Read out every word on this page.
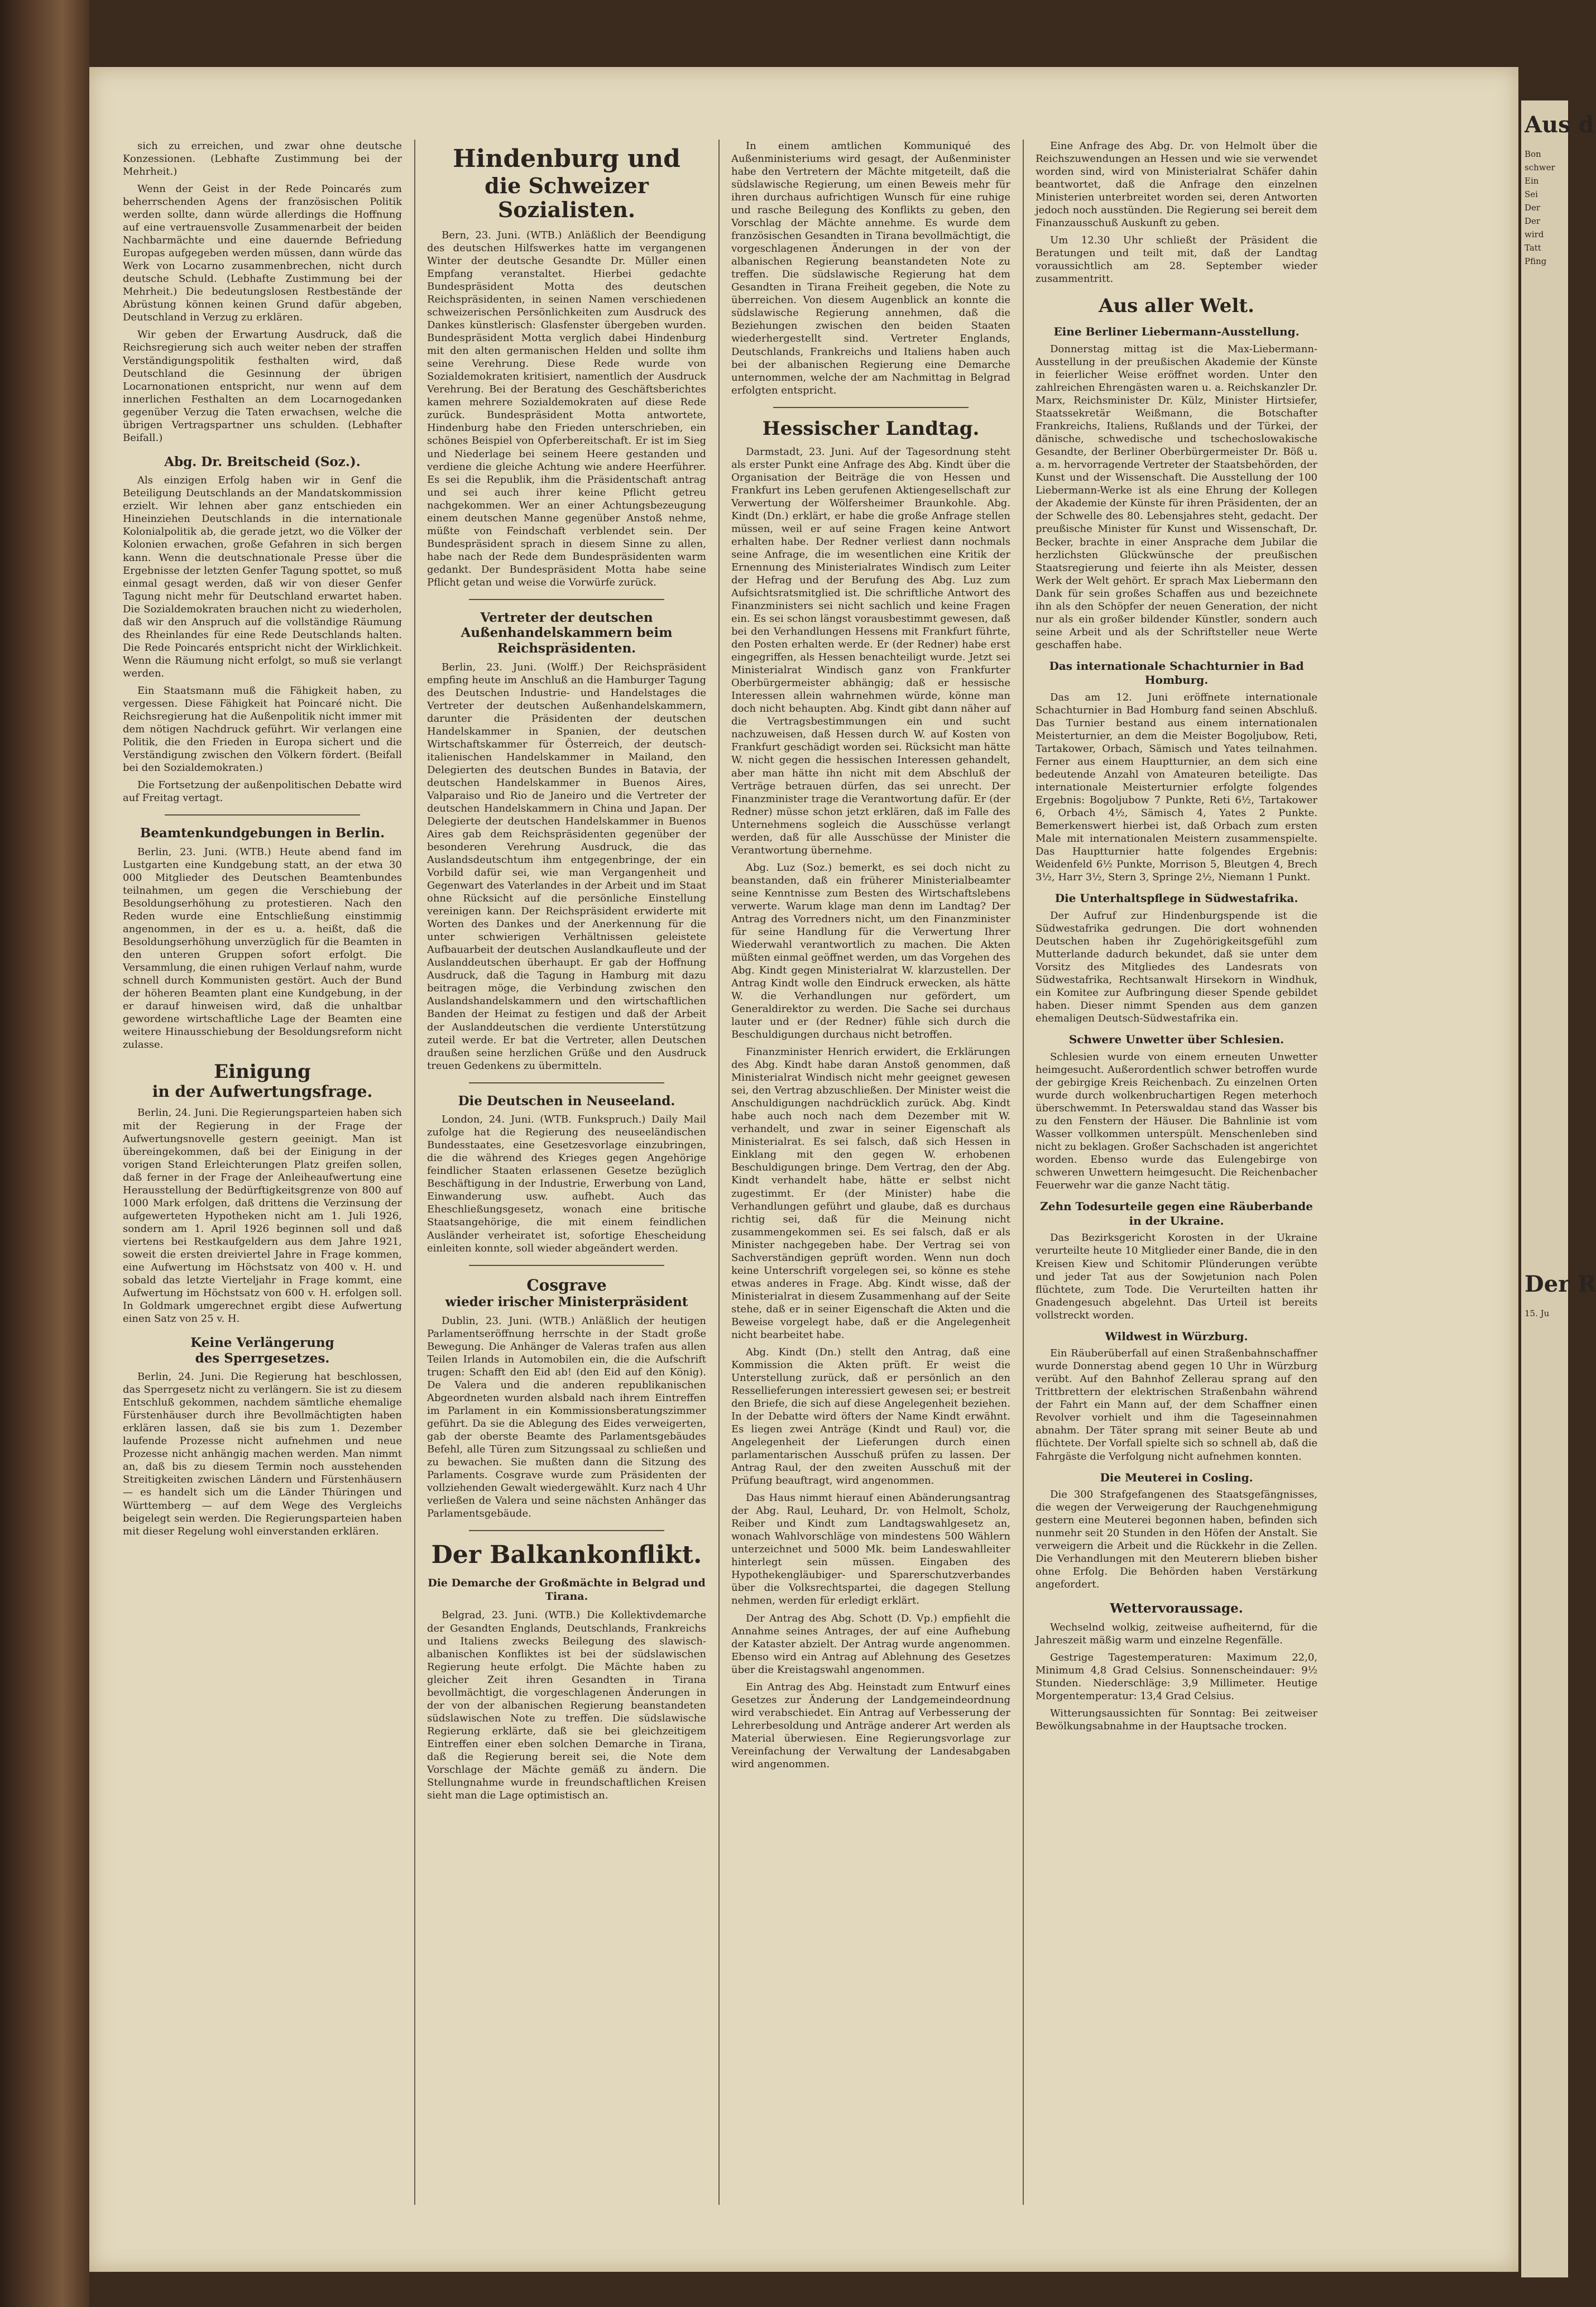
sich zu erreichen, und zwar ohne deutsche Konzessionen. (Lebhafte Zustimmung bei der Mehrheit.)

Wenn der Geist in der Rede Poincarés zum beherrschenden Agens der französischen Politik werden sollte, dann würde allerdings die Hoffnung auf eine vertrauensvolle Zusammenarbeit der beiden Nachbarmächte und eine dauernde Befriedung Europas aufgegeben werden müssen, dann würde das Werk von Locarno zusammenbrechen, nicht durch deutsche Schuld. (Lebhafte Zustimmung bei der Mehrheit.) Die bedeutungslosen Restbestände der Abrüstung können keinen Grund dafür abgeben, Deutschland in Verzug zu erklären.

Wir geben der Erwartung Ausdruck, daß die Reichsregierung sich auch weiter neben der straffen Verständigungspolitik festhalten wird, daß Deutschland die Gesinnung der übrigen Locarnonationen entspricht, nur wenn auf dem innerlichen Festhalten an dem Locarnogedanken gegenüber Verzug die Taten erwachsen, welche die übrigen Vertragspartner uns schulden. (Lebhafter Beifall.)

Abg. Dr. Breitscheid (Soz.).

Als einzigen Erfolg haben wir in Genf die Beteiligung Deutschlands an der Mandatskommission erzielt. Wir lehnen aber ganz entschieden ein Hineinziehen Deutschlands in die internationale Kolonialpolitik ab, die gerade jetzt, wo die Völker der Kolonien erwachen, große Gefahren in sich bergen kann. Wenn die deutschnationale Presse über die Ergebnisse der letzten Genfer Tagung spottet, so muß einmal gesagt werden, daß wir von dieser Genfer Tagung nicht mehr für Deutschland erwartet haben. Die Sozialdemokraten brauchen nicht zu wiederholen, daß wir den Anspruch auf die vollständige Räumung des Rheinlandes für eine Rede Deutschlands halten. Die Rede Poincarés entspricht nicht der Wirklichkeit. Wenn die Räumung nicht erfolgt, so muß sie verlangt werden.

Ein Staatsmann muß die Fähigkeit haben, zu vergessen. Diese Fähigkeit hat Poincaré nicht. Die Reichsregierung hat die Außenpolitik nicht immer mit dem nötigen Nachdruck geführt. Wir verlangen eine Politik, die den Frieden in Europa sichert und die Verständigung zwischen den Völkern fördert. (Beifall bei den Sozialdemokraten.)

Die Fortsetzung der außenpolitischen Debatte wird auf Freitag vertagt.

Beamtenkundgebungen in Berlin.

Berlin, 23. Juni. (WTB.) Heute abend fand im Lustgarten eine Kundgebung statt, an der etwa 30 000 Mitglieder des Deutschen Beamtenbundes teilnahmen, um gegen die Verschiebung der Besoldungserhöhung zu protestieren. Nach den Reden wurde eine Entschließung einstimmig angenommen, in der es u. a. heißt, daß die Besoldungserhöhung unverzüglich für die Beamten in den unteren Gruppen sofort erfolgt. Die Versammlung, die einen ruhigen Verlauf nahm, wurde schnell durch Kommunisten gestört. Auch der Bund der höheren Beamten plant eine Kundgebung, in der er darauf hinweisen wird, daß die unhaltbar gewordene wirtschaftliche Lage der Beamten eine weitere Hinausschiebung der Besoldungsreform nicht zulasse.

Einigung
in der Aufwertungsfrage.

Berlin, 24. Juni. Die Regierungsparteien haben sich mit der Regierung in der Frage der Aufwertungsnovelle gestern geeinigt. Man ist übereingekommen, daß bei der Einigung in der vorigen Stand Erleichterungen Platz greifen sollen, daß ferner in der Frage der Anleiheaufwertung eine Herausstellung der Bedürftigkeitsgrenze von 800 auf 1000 Mark erfolgen, daß drittens die Verzinsung der aufgewerteten Hypotheken nicht am 1. Juli 1926, sondern am 1. April 1926 beginnen soll und daß viertens bei Restkaufgeldern aus dem Jahre 1921, soweit die ersten dreiviertel Jahre in Frage kommen, eine Aufwertung im Höchstsatz von 400 v. H. und sobald das letzte Vierteljahr in Frage kommt, eine Aufwertung im Höchstsatz von 600 v. H. erfolgen soll. In Goldmark umgerechnet ergibt diese Aufwertung einen Satz von 25 v. H.

Keine Verlängerung
des Sperrgesetzes.

Berlin, 24. Juni. Die Regierung hat beschlossen, das Sperrgesetz nicht zu verlängern. Sie ist zu diesem Entschluß gekommen, nachdem sämtliche ehemalige Fürstenhäuser durch ihre Bevollmächtigten haben erklären lassen, daß sie bis zum 1. Dezember laufende Prozesse nicht aufnehmen und neue Prozesse nicht anhängig machen werden. Man nimmt an, daß bis zu diesem Termin noch ausstehenden Streitigkeiten zwischen Ländern und Fürstenhäusern — es handelt sich um die Länder Thüringen und Württemberg — auf dem Wege des Vergleichs beigelegt sein werden. Die Regierungsparteien haben mit dieser Regelung wohl einverstanden erklären.

Hindenburg und
die Schweizer Sozialisten.

Bern, 23. Juni. (WTB.) Anläßlich der Beendigung des deutschen Hilfswerkes hatte im vergangenen Winter der deutsche Gesandte Dr. Müller einen Empfang veranstaltet. Hierbei gedachte Bundespräsident Motta des deutschen Reichspräsidenten, in seinen Namen verschiedenen schweizerischen Persönlichkeiten zum Ausdruck des Dankes künstlerisch: Glasfenster übergeben wurden. Bundespräsident Motta verglich dabei Hindenburg mit den alten germanischen Helden und sollte ihm seine Verehrung. Diese Rede wurde von Sozialdemokraten kritisiert, namentlich der Ausdruck Verehrung. Bei der Beratung des Geschäftsberichtes kamen mehrere Sozialdemokraten auf diese Rede zurück. Bundespräsident Motta antwortete, Hindenburg habe den Frieden unterschrieben, ein schönes Beispiel von Opferbereitschaft. Er ist im Sieg und Niederlage bei seinem Heere gestanden und verdiene die gleiche Achtung wie andere Heerführer. Es sei die Republik, ihm die Präsidentschaft antrag und sei auch ihrer keine Pflicht getreu nachgekommen. Wer an einer Achtungsbezeugung einem deutschen Manne gegenüber Anstoß nehme, müßte von Feindschaft verblendet sein. Der Bundespräsident sprach in diesem Sinne zu allen, habe nach der Rede dem Bundespräsidenten warm gedankt. Der Bundespräsident Motta habe seine Pflicht getan und weise die Vorwürfe zurück.

Vertreter der deutschen Außenhandelskammern beim Reichspräsidenten.

Berlin, 23. Juni. (Wolff.) Der Reichspräsident empfing heute im Anschluß an die Hamburger Tagung des Deutschen Industrie- und Handelstages die Vertreter der deutschen Außenhandelskammern, darunter die Präsidenten der deutschen Handelskammer in Spanien, der deutschen Wirtschaftskammer für Österreich, der deutsch-italienischen Handelskammer in Mailand, den Delegierten des deutschen Bundes in Batavia, der deutschen Handelskammer in Buenos Aires, Valparaiso und Rio de Janeiro und die Vertreter der deutschen Handelskammern in China und Japan. Der Delegierte der deutschen Handelskammer in Buenos Aires gab dem Reichspräsidenten gegenüber der besonderen Verehrung Ausdruck, die das Auslandsdeutschtum ihm entgegenbringe, der ein Vorbild dafür sei, wie man Vergangenheit und Gegenwart des Vaterlandes in der Arbeit und im Staat ohne Rücksicht auf die persönliche Einstellung vereinigen kann. Der Reichspräsident erwiderte mit Worten des Dankes und der Anerkennung für die unter schwierigen Verhältnissen geleistete Aufbauarbeit der deutschen Auslandkaufleute und der Auslanddeutschen überhaupt. Er gab der Hoffnung Ausdruck, daß die Tagung in Hamburg mit dazu beitragen möge, die Verbindung zwischen den Auslandshandelskammern und den wirtschaftlichen Banden der Heimat zu festigen und daß der Arbeit der Auslanddeutschen die verdiente Unterstützung zuteil werde. Er bat die Vertreter, allen Deutschen draußen seine herzlichen Grüße und den Ausdruck treuen Gedenkens zu übermitteln.

Die Deutschen in Neuseeland.

London, 24. Juni. (WTB. Funkspruch.) Daily Mail zufolge hat die Regierung des neuseeländischen Bundesstaates, eine Gesetzesvorlage einzubringen, die die während des Krieges gegen Angehörige feindlicher Staaten erlassenen Gesetze bezüglich Beschäftigung in der Industrie, Erwerbung von Land, Einwanderung usw. aufhebt. Auch das Eheschließungsgesetz, wonach eine britische Staatsangehörige, die mit einem feindlichen Ausländer verheiratet ist, sofortige Ehescheidung einleiten konnte, soll wieder abgeändert werden.

Cosgrave
wieder irischer Ministerpräsident

Dublin, 23. Juni. (WTB.) Anläßlich der heutigen Parlamentseröffnung herrschte in der Stadt große Bewegung. Die Anhänger de Valeras trafen aus allen Teilen Irlands in Automobilen ein, die die Aufschrift trugen: Schafft den Eid ab! (den Eid auf den König). De Valera und die anderen republikanischen Abgeordneten wurden alsbald nach ihrem Eintreffen im Parlament in ein Kommissionsberatungszimmer geführt. Da sie die Ablegung des Eides verweigerten, gab der oberste Beamte des Parlamentsgebäudes Befehl, alle Türen zum Sitzungssaal zu schließen und zu bewachen. Sie mußten dann die Sitzung des Parlaments. Cosgrave wurde zum Präsidenten der vollziehenden Gewalt wiedergewählt. Kurz nach 4 Uhr verließen de Valera und seine nächsten Anhänger das Parlamentsgebäude.

Der Balkankonflikt.
Die Demarche der Großmächte in Belgrad und Tirana.

Belgrad, 23. Juni. (WTB.) Die Kollektivdemarche der Gesandten Englands, Deutschlands, Frankreichs und Italiens zwecks Beilegung des slawisch-albanischen Konfliktes ist bei der südslawischen Regierung heute erfolgt. Die Mächte haben zu gleicher Zeit ihren Gesandten in Tirana bevollmächtigt, die vorgeschlagenen Änderungen in der von der albanischen Regierung beanstandeten südslawischen Note zu treffen. Die südslawische Regierung erklärte, daß sie bei gleichzeitigem Eintreffen einer eben solchen Demarche in Tirana, daß die Regierung bereit sei, die Note dem Vorschlage der Mächte gemäß zu ändern. Die Stellungnahme wurde in freundschaftlichen Kreisen sieht man die Lage optimistisch an.

In einem amtlichen Kommuniqué des Außenministeriums wird gesagt, der Außenminister habe den Vertretern der Mächte mitgeteilt, daß die südslawische Regierung, um einen Beweis mehr für ihren durchaus aufrichtigen Wunsch für eine ruhige und rasche Beilegung des Konflikts zu geben, den Vorschlag der Mächte annehme. Es wurde dem französischen Gesandten in Tirana bevollmächtigt, die vorgeschlagenen Änderungen in der von der albanischen Regierung beanstandeten Note zu treffen. Die südslawische Regierung hat dem Gesandten in Tirana Freiheit gegeben, die Note zu überreichen. Von diesem Augenblick an konnte die südslawische Regierung annehmen, daß die Beziehungen zwischen den beiden Staaten wiederhergestellt sind. Vertreter Englands, Deutschlands, Frankreichs und Italiens haben auch bei der albanischen Regierung eine Demarche unternommen, welche der am Nachmittag in Belgrad erfolgten entspricht.

Hessischer Landtag.

Darmstadt, 23. Juni. Auf der Tagesordnung steht als erster Punkt eine Anfrage des Abg. Kindt über die Organisation der Beiträge die von Hessen und Frankfurt ins Leben gerufenen Aktiengesellschaft zur Verwertung der Wölfersheimer Braunkohle. Abg. Kindt (Dn.) erklärt, er habe die große Anfrage stellen müssen, weil er auf seine Fragen keine Antwort erhalten habe. Der Redner verliest dann nochmals seine Anfrage, die im wesentlichen eine Kritik der Ernennung des Ministerialrates Windisch zum Leiter der Hefrag und der Berufung des Abg. Luz zum Aufsichtsratsmitglied ist. Die schriftliche Antwort des Finanzministers sei nicht sachlich und keine Fragen ein. Es sei schon längst vorausbestimmt gewesen, daß bei den Verhandlungen Hessens mit Frankfurt führte, den Posten erhalten werde. Er (der Redner) habe erst eingegriffen, als Hessen benachteiligt wurde. Jetzt sei Ministerialrat Windisch ganz von Frankfurter Oberbürgermeister abhängig; daß er hessische Interessen allein wahrnehmen würde, könne man doch nicht behaupten. Abg. Kindt gibt dann näher auf die Vertragsbestimmungen ein und sucht nachzuweisen, daß Hessen durch W. auf Kosten von Frankfurt geschädigt worden sei. Rücksicht man hätte W. nicht gegen die hessischen Interessen gehandelt, aber man hätte ihn nicht mit dem Abschluß der Verträge betrauen dürfen, das sei unrecht. Der Finanzminister trage die Verantwortung dafür. Er (der Redner) müsse schon jetzt erklären, daß im Falle des Unternehmens sogleich die Ausschüsse verlangt werden, daß für alle Ausschüsse der Minister die Verantwortung übernehme.

Abg. Luz (Soz.) bemerkt, es sei doch nicht zu beanstanden, daß ein früherer Ministerialbeamter seine Kenntnisse zum Besten des Wirtschaftslebens verwerte. Warum klage man denn im Landtag? Der Antrag des Vorredners nicht, um den Finanzminister für seine Handlung für die Verwertung Ihrer Wiederwahl verantwortlich zu machen. Die Akten müßten einmal geöffnet werden, um das Vorgehen des Abg. Kindt gegen Ministerialrat W. klarzustellen. Der Antrag Kindt wolle den Eindruck erwecken, als hätte W. die Verhandlungen nur gefördert, um Generaldirektor zu werden. Die Sache sei durchaus lauter und er (der Redner) fühle sich durch die Beschuldigungen durchaus nicht betroffen.

Finanzminister Henrich erwidert, die Erklärungen des Abg. Kindt habe daran Anstoß genommen, daß Ministerialrat Windisch nicht mehr geeignet gewesen sei, den Vertrag abzuschließen. Der Minister weist die Anschuldigungen nachdrücklich zurück. Abg. Kindt habe auch noch nach dem Dezember mit W. verhandelt, und zwar in seiner Eigenschaft als Ministerialrat. Es sei falsch, daß sich Hessen in Einklang mit den gegen W. erhobenen Beschuldigungen bringe. Dem Vertrag, den der Abg. Kindt verhandelt habe, hätte er selbst nicht zugestimmt. Er (der Minister) habe die Verhandlungen geführt und glaube, daß es durchaus richtig sei, daß für die Meinung nicht zusammengekommen sei. Es sei falsch, daß er als Minister nachgegeben habe. Der Vertrag sei von Sachverständigen geprüft worden. Wenn nun doch keine Unterschrift vorgelegen sei, so könne es stehe etwas anderes in Frage. Abg. Kindt wisse, daß der Ministerialrat in diesem Zusammenhang auf der Seite stehe, daß er in seiner Eigenschaft die Akten und die Beweise vorgelegt habe, daß er die Angelegenheit nicht bearbeitet habe.

Abg. Kindt (Dn.) stellt den Antrag, daß eine Kommission die Akten prüft. Er weist die Unterstellung zurück, daß er persönlich an den Ressellieferungen interessiert gewesen sei; er bestreit den Briefe, die sich auf diese Angelegenheit beziehen. In der Debatte wird öfters der Name Kindt erwähnt. Es liegen zwei Anträge (Kindt und Raul) vor, die Angelegenheit der Lieferungen durch einen parlamentarischen Ausschuß prüfen zu lassen. Der Antrag Raul, der den zweiten Ausschuß mit der Prüfung beauftragt, wird angenommen.

Das Haus nimmt hierauf einen Abänderungsantrag der Abg. Raul, Leuhard, Dr. von Helmolt, Scholz, Reiber und Kindt zum Landtagswahlgesetz an, wonach Wahlvorschläge von mindestens 500 Wählern unterzeichnet und 5000 Mk. beim Landeswahlleiter hinterlegt sein müssen. Eingaben des Hypothekengläubiger- und Sparerschutzverbandes über die Volksrechtspartei, die dagegen Stellung nehmen, werden für erledigt erklärt.

Der Antrag des Abg. Schott (D. Vp.) empfiehlt die Annahme seines Antrages, der auf eine Aufhebung der Kataster abzielt. Der Antrag wurde angenommen. Ebenso wird ein Antrag auf Ablehnung des Gesetzes über die Kreistagswahl angenommen.

Ein Antrag des Abg. Heinstadt zum Entwurf eines Gesetzes zur Änderung der Landgemeindeordnung wird verabschiedet. Ein Antrag auf Verbesserung der Lehrerbesoldung und Anträge anderer Art werden als Material überwiesen. Eine Regierungsvorlage zur Vereinfachung der Verwaltung der Landesabgaben wird angenommen.

Eine Anfrage des Abg. Dr. von Helmolt über die Reichszuwendungen an Hessen und wie sie verwendet worden sind, wird von Ministerialrat Schäfer dahin beantwortet, daß die Anfrage den einzelnen Ministerien unterbreitet worden sei, deren Antworten jedoch noch ausstünden. Die Regierung sei bereit dem Finanzausschuß Auskunft zu geben.

Um 12.30 Uhr schließt der Präsident die Beratungen und teilt mit, daß der Landtag voraussichtlich am 28. September wieder zusammentritt.

Aus aller Welt.
Eine Berliner Liebermann-Ausstellung.

Donnerstag mittag ist die Max-Liebermann-Ausstellung in der preußischen Akademie der Künste in feierlicher Weise eröffnet worden. Unter den zahlreichen Ehrengästen waren u. a. Reichskanzler Dr. Marx, Reichsminister Dr. Külz, Minister Hirtsiefer, Staatssekretär Weißmann, die Botschafter Frankreichs, Italiens, Rußlands und der Türkei, der dänische, schwedische und tschechoslowakische Gesandte, der Berliner Oberbürgermeister Dr. Böß u. a. m. hervorragende Vertreter der Staatsbehörden, der Kunst und der Wissenschaft. Die Ausstellung der 100 Liebermann-Werke ist als eine Ehrung der Kollegen der Akademie der Künste für ihren Präsidenten, der an der Schwelle des 80. Lebensjahres steht, gedacht. Der preußische Minister für Kunst und Wissenschaft, Dr. Becker, brachte in einer Ansprache dem Jubilar die herzlichsten Glückwünsche der preußischen Staatsregierung und feierte ihn als Meister, dessen Werk der Welt gehört. Er sprach Max Liebermann den Dank für sein großes Schaffen aus und bezeichnete ihn als den Schöpfer der neuen Generation, der nicht nur als ein großer bildender Künstler, sondern auch seine Arbeit und als der Schriftsteller neue Werte geschaffen habe.

Das internationale Schachturnier in Bad Homburg.

Das am 12. Juni eröffnete internationale Schachturnier in Bad Homburg fand seinen Abschluß. Das Turnier bestand aus einem internationalen Meisterturnier, an dem die Meister Bogoljubow, Reti, Tartakower, Orbach, Sämisch und Yates teilnahmen. Ferner aus einem Hauptturnier, an dem sich eine bedeutende Anzahl von Amateuren beteiligte. Das internationale Meisterturnier erfolgte folgendes Ergebnis: Bogoljubow 7 Punkte, Reti 6½, Tartakower 6, Orbach 4½, Sämisch 4, Yates 2 Punkte. Bemerkenswert hierbei ist, daß Orbach zum ersten Male mit internationalen Meistern zusammenspielte. Das Hauptturnier hatte folgendes Ergebnis: Weidenfeld 6½ Punkte, Morrison 5, Bleutgen 4, Brech 3½, Harr 3½, Stern 3, Springe 2½, Niemann 1 Punkt.

Die Unterhaltspflege in Südwestafrika.

Der Aufruf zur Hindenburgspende ist die Südwestafrika gedrungen. Die dort wohnenden Deutschen haben ihr Zugehörigkeitsgefühl zum Mutterlande dadurch bekundet, daß sie unter dem Vorsitz des Mitgliedes des Landesrats von Südwestafrika, Rechtsanwalt Hirsekorn in Windhuk, ein Komitee zur Aufbringung dieser Spende gebildet haben. Dieser nimmt Spenden aus dem ganzen ehemaligen Deutsch-Südwestafrika ein.

Schwere Unwetter über Schlesien.

Schlesien wurde von einem erneuten Unwetter heimgesucht. Außerordentlich schwer betroffen wurde der gebirgige Kreis Reichenbach. Zu einzelnen Orten wurde durch wolkenbruchartigen Regen meterhoch überschwemmt. In Peterswaldau stand das Wasser bis zu den Fenstern der Häuser. Die Bahnlinie ist vom Wasser vollkommen unterspült. Menschenleben sind nicht zu beklagen. Großer Sachschaden ist angerichtet worden. Ebenso wurde das Eulengebirge von schweren Unwettern heimgesucht. Die Reichenbacher Feuerwehr war die ganze Nacht tätig.

Zehn Todesurteile gegen eine Räuberbande in der Ukraine.

Das Bezirksgericht Korosten in der Ukraine verurteilte heute 10 Mitglieder einer Bande, die in den Kreisen Kiew und Schitomir Plünderungen verübte und jeder Tat aus der Sowjetunion nach Polen flüchtete, zum Tode. Die Verurteilten hatten ihr Gnadengesuch abgelehnt. Das Urteil ist bereits vollstreckt worden.

Wildwest in Würzburg.

Ein Räuberüberfall auf einen Straßenbahnschaffner wurde Donnerstag abend gegen 10 Uhr in Würzburg verübt. Auf den Bahnhof Zellerau sprang auf den Trittbrettern der elektrischen Straßenbahn während der Fahrt ein Mann auf, der dem Schaffner einen Revolver vorhielt und ihm die Tageseinnahmen abnahm. Der Täter sprang mit seiner Beute ab und flüchtete. Der Vorfall spielte sich so schnell ab, daß die Fahrgäste die Verfolgung nicht aufnehmen konnten.

Die Meuterei in Cosling.

Die 300 Strafgefangenen des Staatsgefängnisses, die wegen der Verweigerung der Rauchgenehmigung gestern eine Meuterei begonnen haben, befinden sich nunmehr seit 20 Stunden in den Höfen der Anstalt. Sie verweigern die Arbeit und die Rückkehr in die Zellen. Die Verhandlungen mit den Meuterern blieben bisher ohne Erfolg. Die Behörden haben Verstärkung angefordert.

Wettervoraussage.

Wechselnd wolkig, zeitweise aufheiternd, für die Jahreszeit mäßig warm und einzelne Regenfälle.

Gestrige Tagestemperaturen: Maximum 22,0, Minimum 4,8 Grad Celsius. Sonnenscheindauer: 9½ Stunden. Niederschläge: 3,9 Millimeter. Heutige Morgentemperatur: 13,4 Grad Celsius.

Witterungsaussichten für Sonntag: Bei zeitweiser Bewölkungsabnahme in der Hauptsache trocken.

Aus d
Bon
schwer
Ein
Sei
Der
Der
wird
Tatt
Pfing
Der R
15. Ju
